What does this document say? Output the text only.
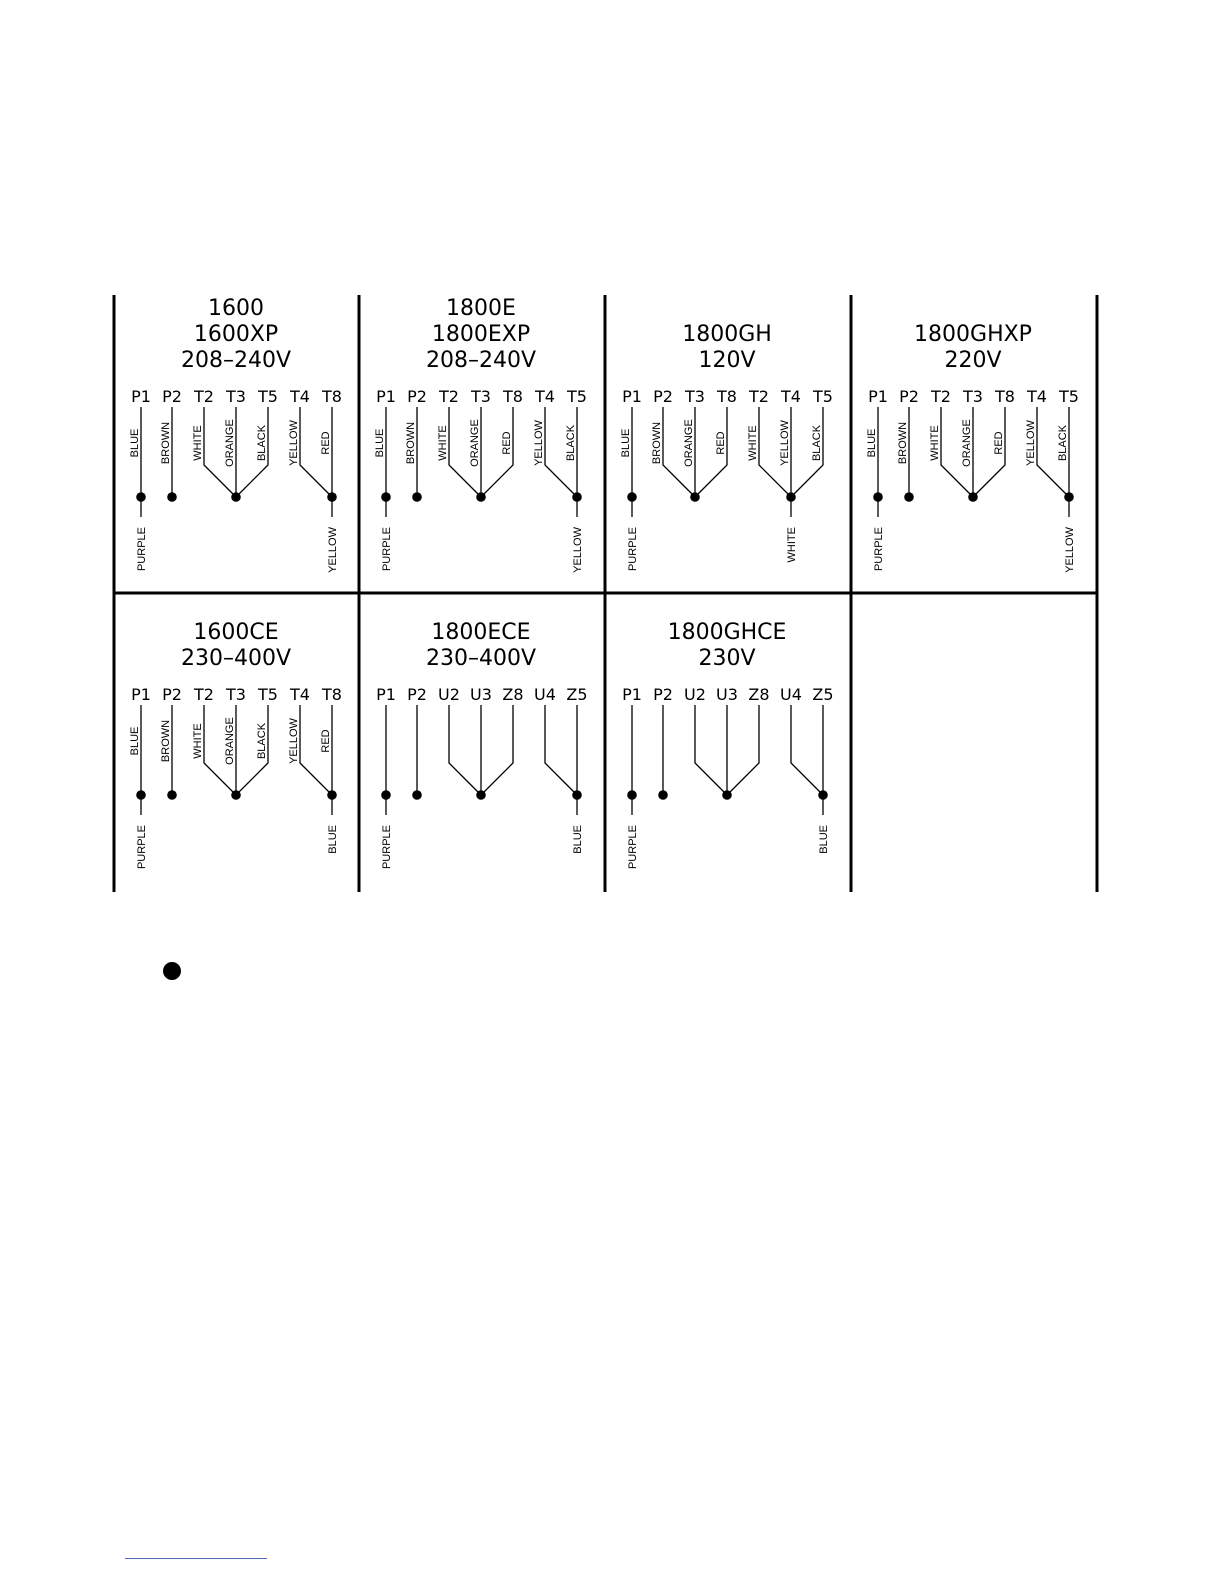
1600
1600XP
208–240V
P1 P2 T2 T3 T5 T4 T8
PURPLE	YELLOW
BLUE BROWN WHITE ORANGE BLACK YELLOW RED
1800E
1800EXP
208–240V
P1 P2 T2 T3 T8 T4 T5
PURPLE	YELLOW
BLUE BROWN WHITE ORANGE RED YELLOW BLACK
1800GH
120V
P1 P2 T3 T8 T2 T4 T5
PURPLE	WHITE
BLUE BROWN ORANGE RED WHITE YELLOW BLACK
1800GHXP
220V
P1 P2 T2 T3 T8 T4 T5
PURPLE	YELLOW
BLUE BROWN WHITE ORANGE RED YELLOW BLACK
1600CE
230–400V
P1 P2 T2 T3 T5 T4 T8
PURPLE	BLUE
BLUE BROWN WHITE ORANGE BLACK YELLOW RED
1800ECE
230–400V
P1 P2 U2 U3 Z8 U4 Z5
PURPLE	BLUE
1800GHCE
230V
P1 P2 U2 U3 Z8 U4 Z5
PURPLE	BLUE
